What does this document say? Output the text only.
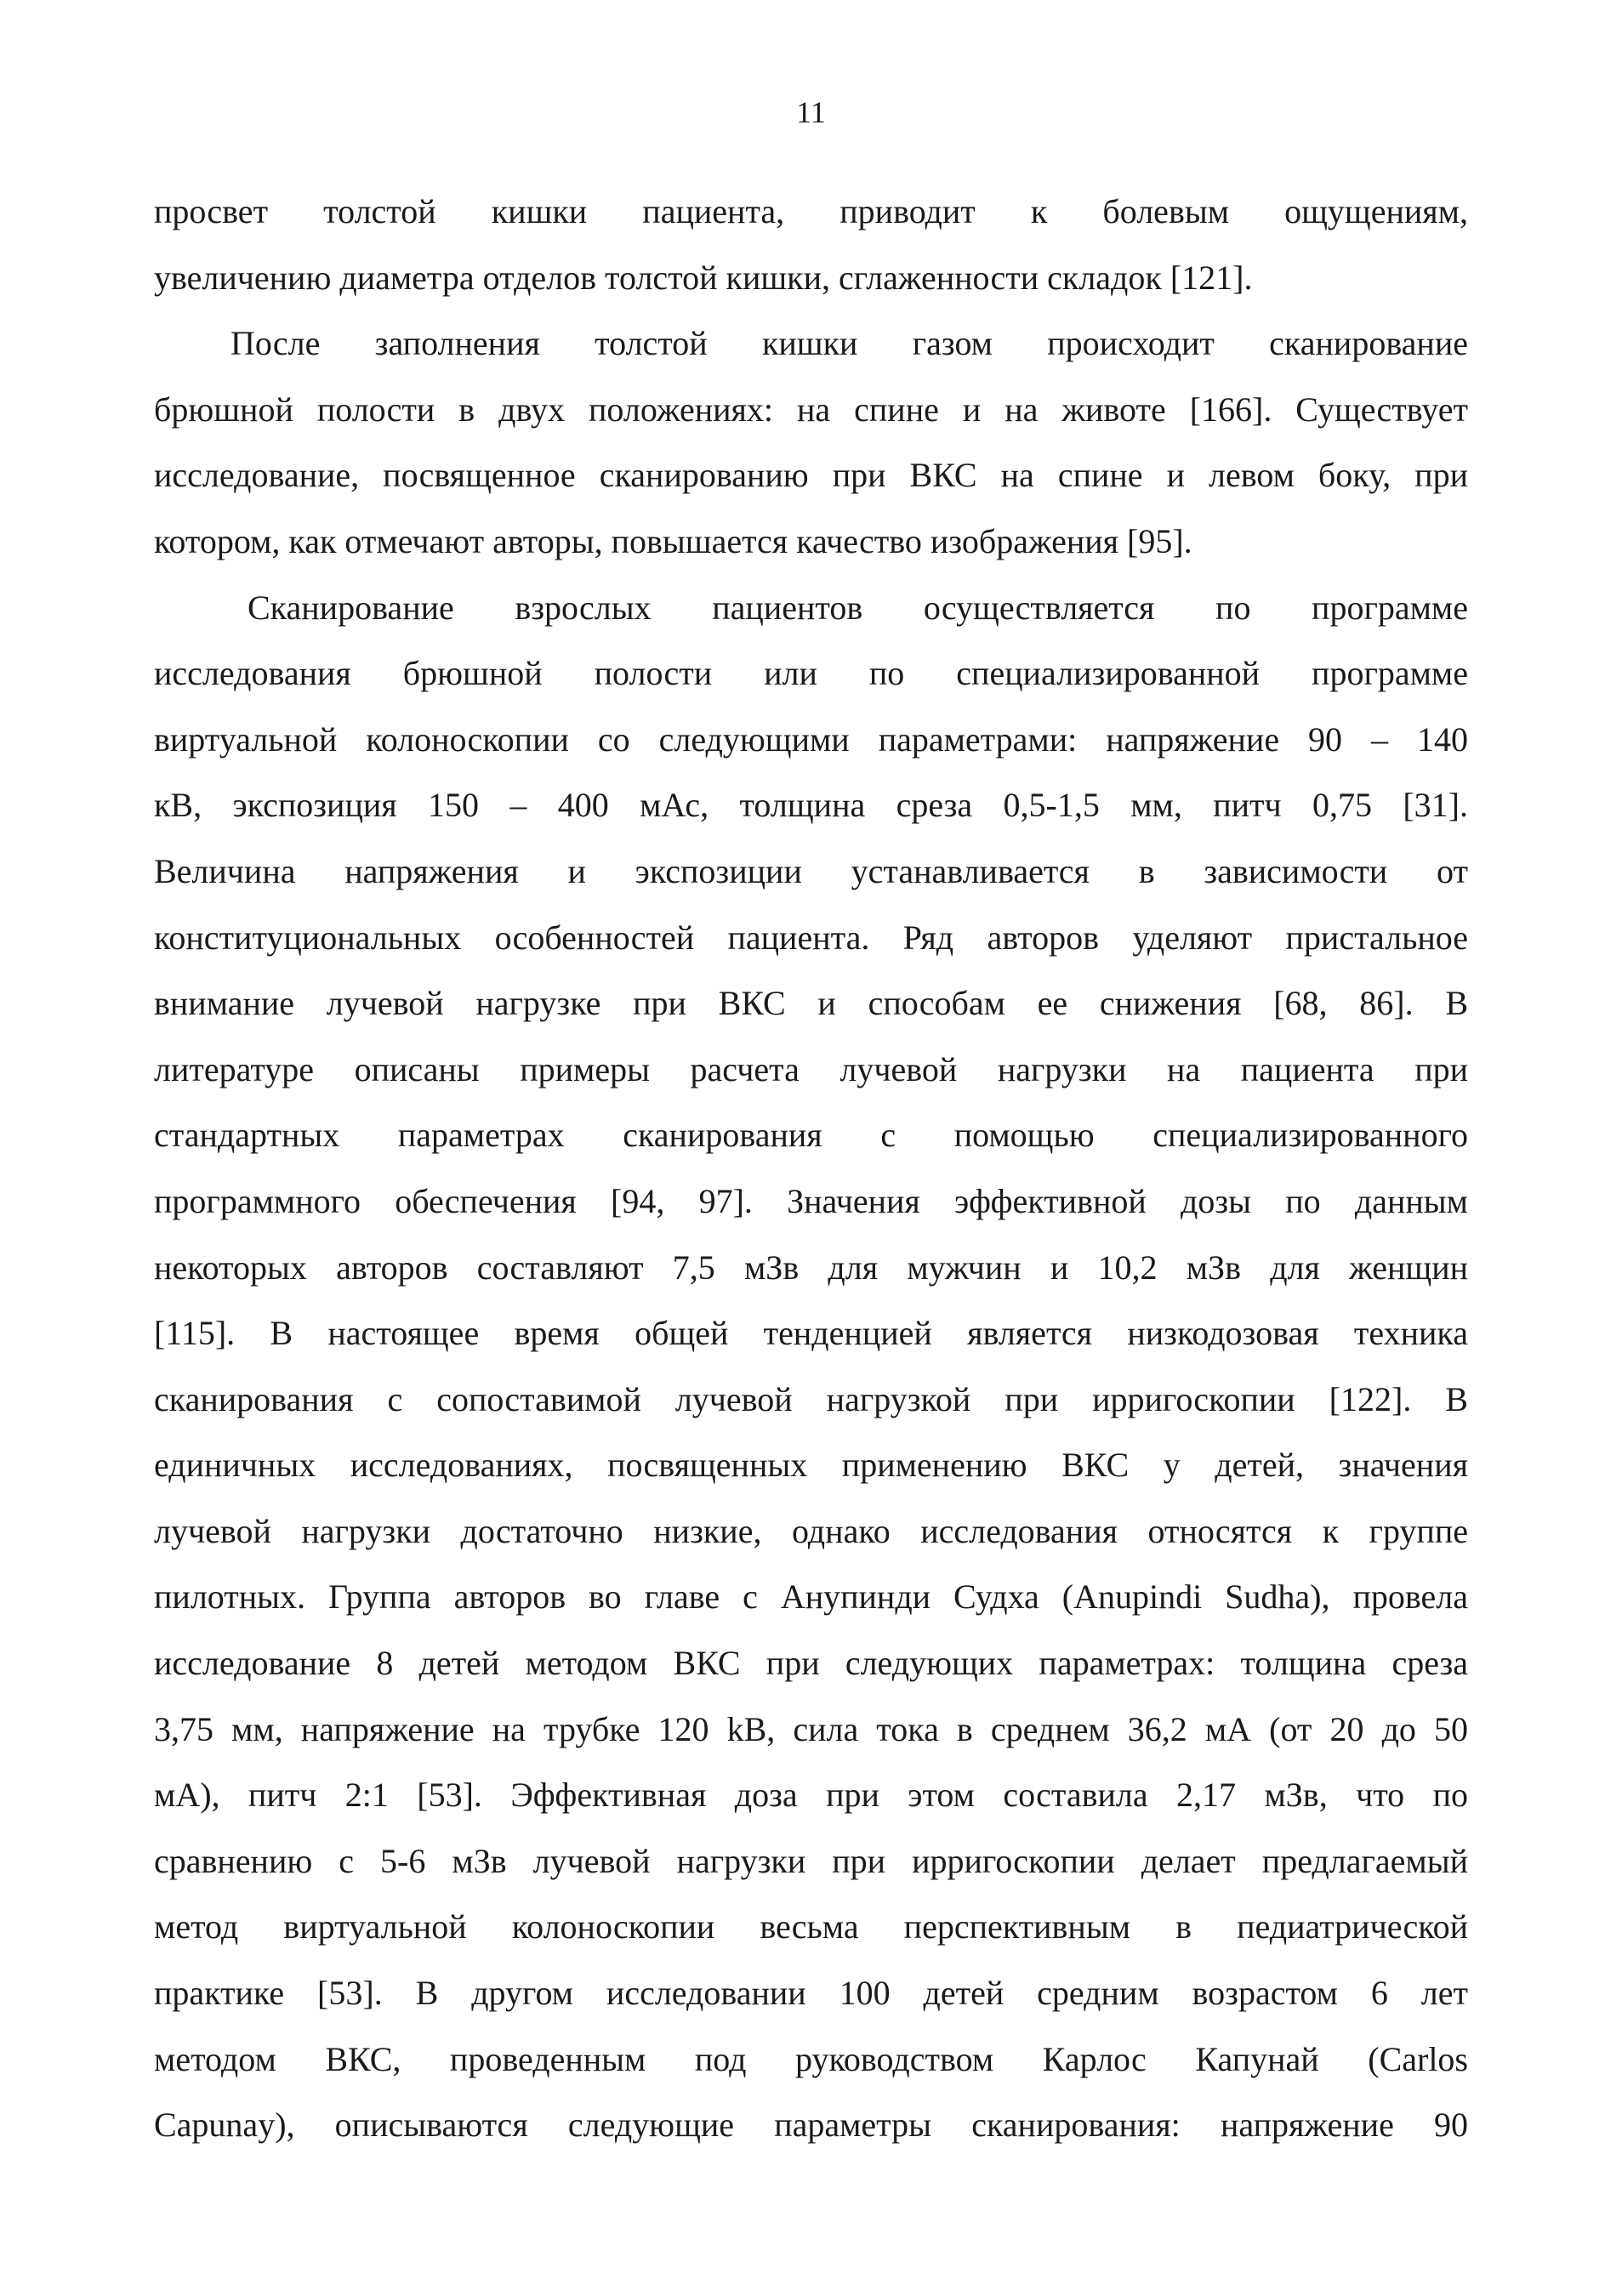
11
просвет толстой кишки пациента, приводит к болевым ощущениям,
увеличению диаметра отделов толстой кишки, сглаженности складок [121].
После заполнения толстой кишки газом происходит сканирование
брюшной полости в двух положениях: на спине и на животе [166]. Существует
исследование, посвященное сканированию при ВКС на спине и левом боку, при
котором, как отмечают авторы, повышается качество изображения [95].
Сканирование взрослых пациентов осуществляется по программе
исследования брюшной полости или по специализированной программе
виртуальной колоноскопии со следующими параметрами: напряжение 90 – 140
кВ, экспозиция 150 – 400 мАс, толщина среза 0,5-1,5 мм, питч 0,75 [31].
Величина напряжения и экспозиции устанавливается в зависимости от
конституциональных особенностей пациента. Ряд авторов уделяют пристальное
внимание лучевой нагрузке при ВКС и способам ее снижения [68, 86]. В
литературе описаны примеры расчета лучевой нагрузки на пациента при
стандартных параметрах сканирования с помощью специализированного
программного обеспечения [94, 97]. Значения эффективной дозы по данным
некоторых авторов составляют 7,5 мЗв для мужчин и 10,2 мЗв для женщин
[115]. В настоящее время общей тенденцией является низкодозовая техника
сканирования с сопоставимой лучевой нагрузкой при ирригоскопии [122]. В
единичных исследованиях, посвященных применению ВКС у детей, значения
лучевой нагрузки достаточно низкие, однако исследования относятся к группе
пилотных. Группа авторов во главе с Анупинди Судха (Anupindi Sudha), провела
исследование 8 детей методом ВКС при следующих параметрах: толщина среза
3,75 мм, напряжение на трубке 120 kB, сила тока в среднем 36,2 мА (от 20 до 50
мА), питч 2:1 [53]. Эффективная доза при этом составила 2,17 мЗв, что по
сравнению с 5-6 мЗв лучевой нагрузки при ирригоскопии делает предлагаемый
метод виртуальной колоноскопии весьма перспективным в педиатрической
практике [53]. В другом исследовании 100 детей средним возрастом 6 лет
методом ВКС, проведенным под руководством Карлос Капунай (Carlos
Capunay), описываются следующие параметры сканирования: напряжение 90
